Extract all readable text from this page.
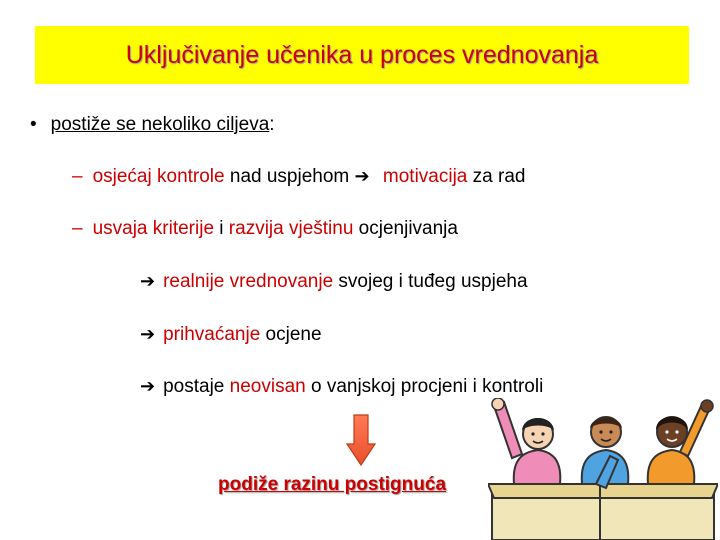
Uključivanje učenika u proces vrednovanja
• postiže se nekoliko ciljeva:
– osjećaj kontrole nad uspjehom ➔ motivacija za rad
– usvaja kriterije i razvija vještinu ocjenjivanja
➔ realnije vrednovanje svojeg i tuđeg uspjeha
➔ prihvaćanje ocjene
➔ postaje neovisan o vanjskoj procjeni i kontroli
podiže razinu postignuća
